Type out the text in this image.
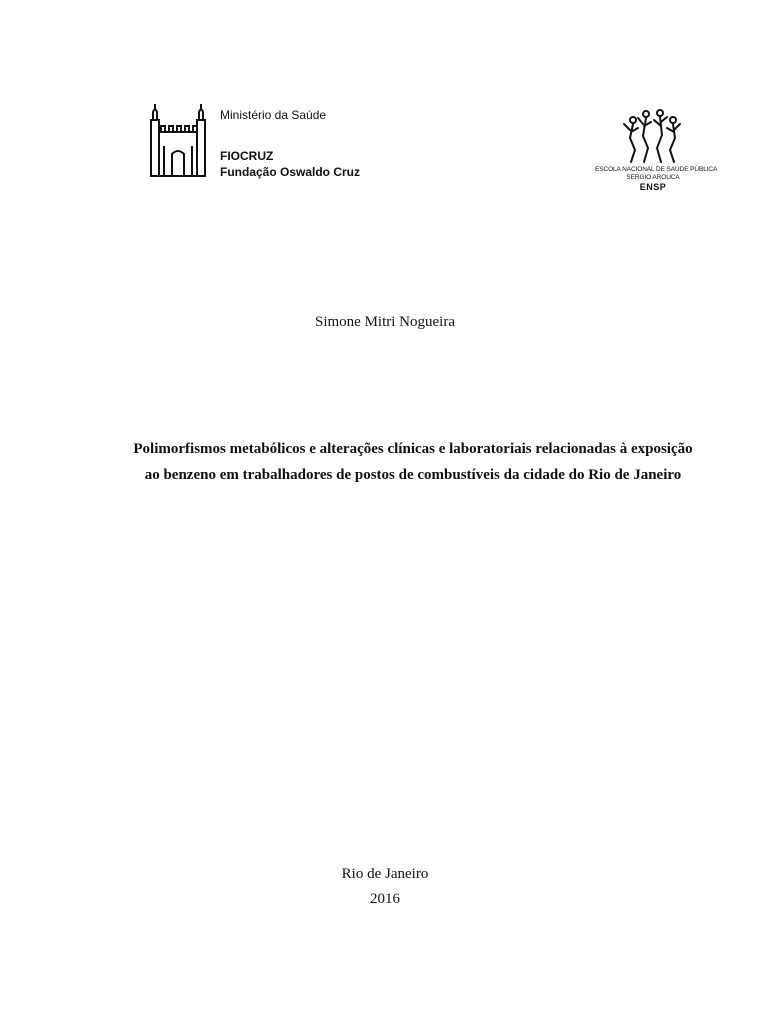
Ministério da Saúde
FIOCRUZ
Fundação Oswaldo Cruz	ESCOLA NACIONAL DE SAÚDE PÚBLICA
SERGIO AROUCA
ENSP
Simone Mitri Nogueira
Polimorfismos metabólicos e alterações clínicas e laboratoriais relacionadas à exposição ao benzeno em trabalhadores de postos de combustíveis da cidade do Rio de Janeiro
Rio de Janeiro
2016
